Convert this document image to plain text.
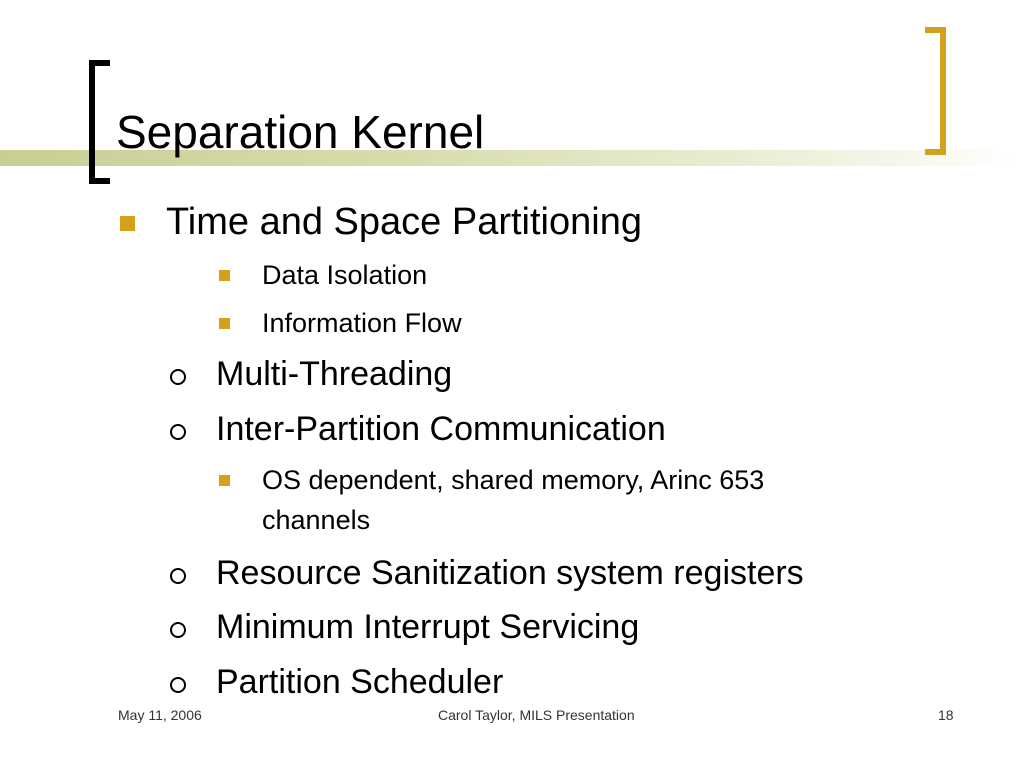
Separation Kernel
Time and Space Partitioning
Data Isolation
Information Flow
Multi-Threading
Inter-Partition Communication
OS dependent, shared memory, Arinc 653
channels
Resource Sanitization system registers
Minimum Interrupt Servicing
Partition Scheduler
May 11, 2006	Carol Taylor, MILS Presentation	18
